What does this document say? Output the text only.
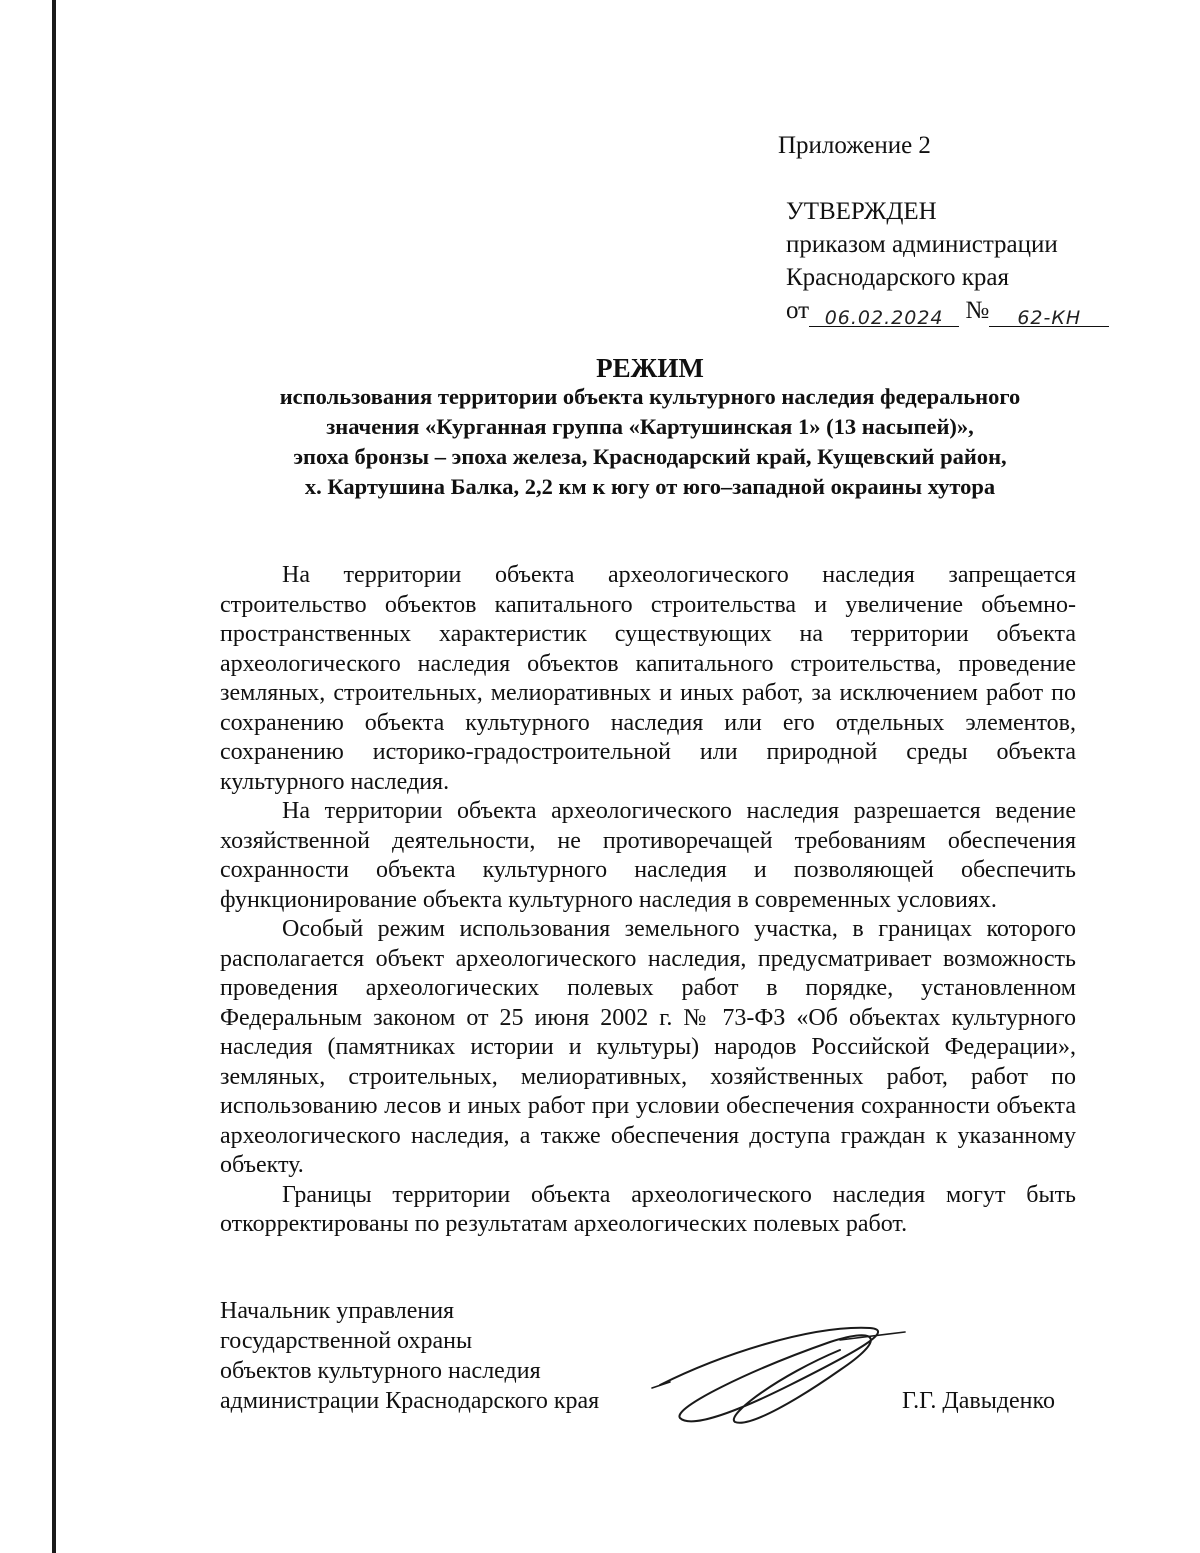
Приложение 2
УТВЕРЖДЕН
приказом администрации
Краснодарского края
от 06.02.2024 № 62-КН
РЕЖИМ
использования территории объекта культурного наследия федерального
значения «Курганная группа «Картушинская 1» (13 насыпей)»,
эпоха бронзы – эпоха железа, Краснодарский край, Кущевский район,
х. Картушина Балка, 2,2 км к югу от юго–западной окраины хутора

На территории объекта археологического наследия запрещается строительство объектов капитального строительства и увеличение объемно-пространственных характеристик существующих на территории объекта археологического наследия объектов капитального строительства, проведение земляных, строительных, мелиоративных и иных работ, за исключением работ по сохранению объекта культурного наследия или его отдельных элементов, сохранению историко-градостроительной или природной среды объекта культурного наследия.

На территории объекта археологического наследия разрешается ведение хозяйственной деятельности, не противоречащей требованиям обеспечения сохранности объекта культурного наследия и позволяющей обеспечить функционирование объекта культурного наследия в современных условиях.

Особый режим использования земельного участка, в границах которого располагается объект археологического наследия, предусматривает возможность проведения археологических полевых работ в порядке, установленном Федеральным законом от 25 июня 2002 г. № 73-ФЗ «Об объектах культурного наследия (памятниках истории и культуры) народов Российской Федерации», земляных, строительных, мелиоративных, хозяйственных работ, работ по использованию лесов и иных работ при условии обеспечения сохранности объекта археологического наследия, а также обеспечения доступа граждан к указанному объекту.

Границы территории объекта археологического наследия могут быть откорректированы по результатам археологических полевых работ.

Начальник управления
государственной охраны
объектов культурного наследия
администрации Краснодарского края	Г.Г. Давыденко
